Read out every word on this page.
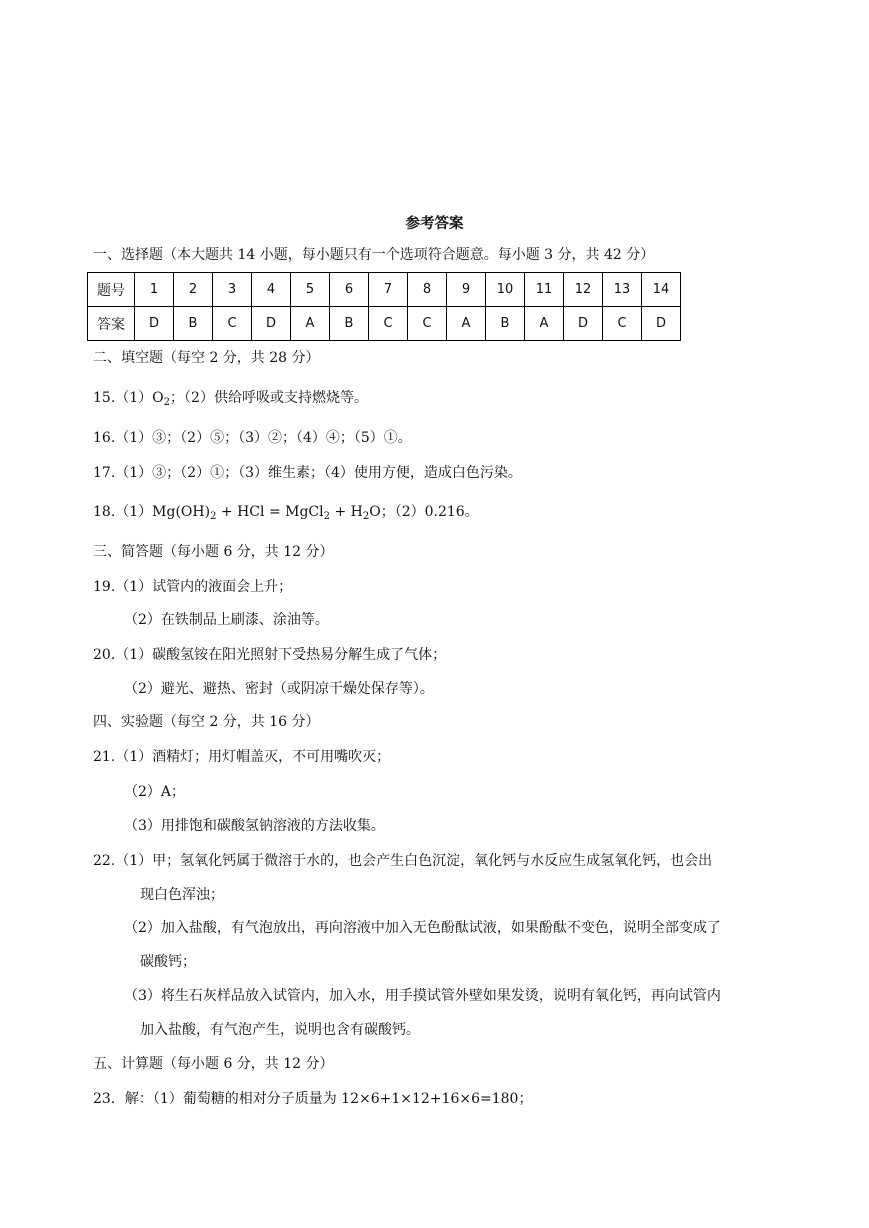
参考答案
一、选择题（本大题共 14 小题，每小题只有一个选项符合题意。每小题 3 分，共 42 分）
题号	1	2	3	4	5	6	7	8	9	10	11	12	13	14
答案	D	B	C	D	A	B	C	C	A	B	A	D	C	D
二、填空题（每空 2 分，共 28 分）
$15.(1)O_2$；（2）供给呼吸或支持燃烧等。
16.（1）③；（2）⑤；（3）②；（4）④；（5）①。
17.（1）③；（2）①；（3）维生素；（4）使用方便，造成白色污染。
$18.(1)Mg(OH)_2$ + HCl = MgCl$_2$ + $H_2O$；（2）0.216。
三、简答题（每小题 6 分，共 12 分）
19.（1）试管内的液面会上升；
（2）在铁制品上刷漆、涂油等。
20.（1）碳酸氢铵在阳光照射下受热易分解生成了气体；
（2）避光、避热、密封（或阴凉干燥处保存等）。
四、实验题（每空 2 分，共 16 分）
21.（1）酒精灯；用灯帽盖灭，不可用嘴吹灭；
（2）A；
（3）用排饱和碳酸氢钠溶液的方法收集。
22.（1）甲；氢氧化钙属于微溶于水的，也会产生白色沉淀，氧化钙与水反应生成氢氧化钙，也会出
现白色浑浊；
（2）加入盐酸，有气泡放出，再向溶液中加入无色酚酞试液，如果酚酞不变色，说明全部变成了
碳酸钙；
（3）将生石灰样品放入试管内，加入水，用手摸试管外壁如果发烫，说明有氧化钙，再向试管内
加入盐酸，有气泡产生，说明也含有碳酸钙。
五、计算题（每小题 6 分，共 12 分）
23．解：（1）葡萄糖的相对分子质量为 12×6+1×12+16×6=180；
